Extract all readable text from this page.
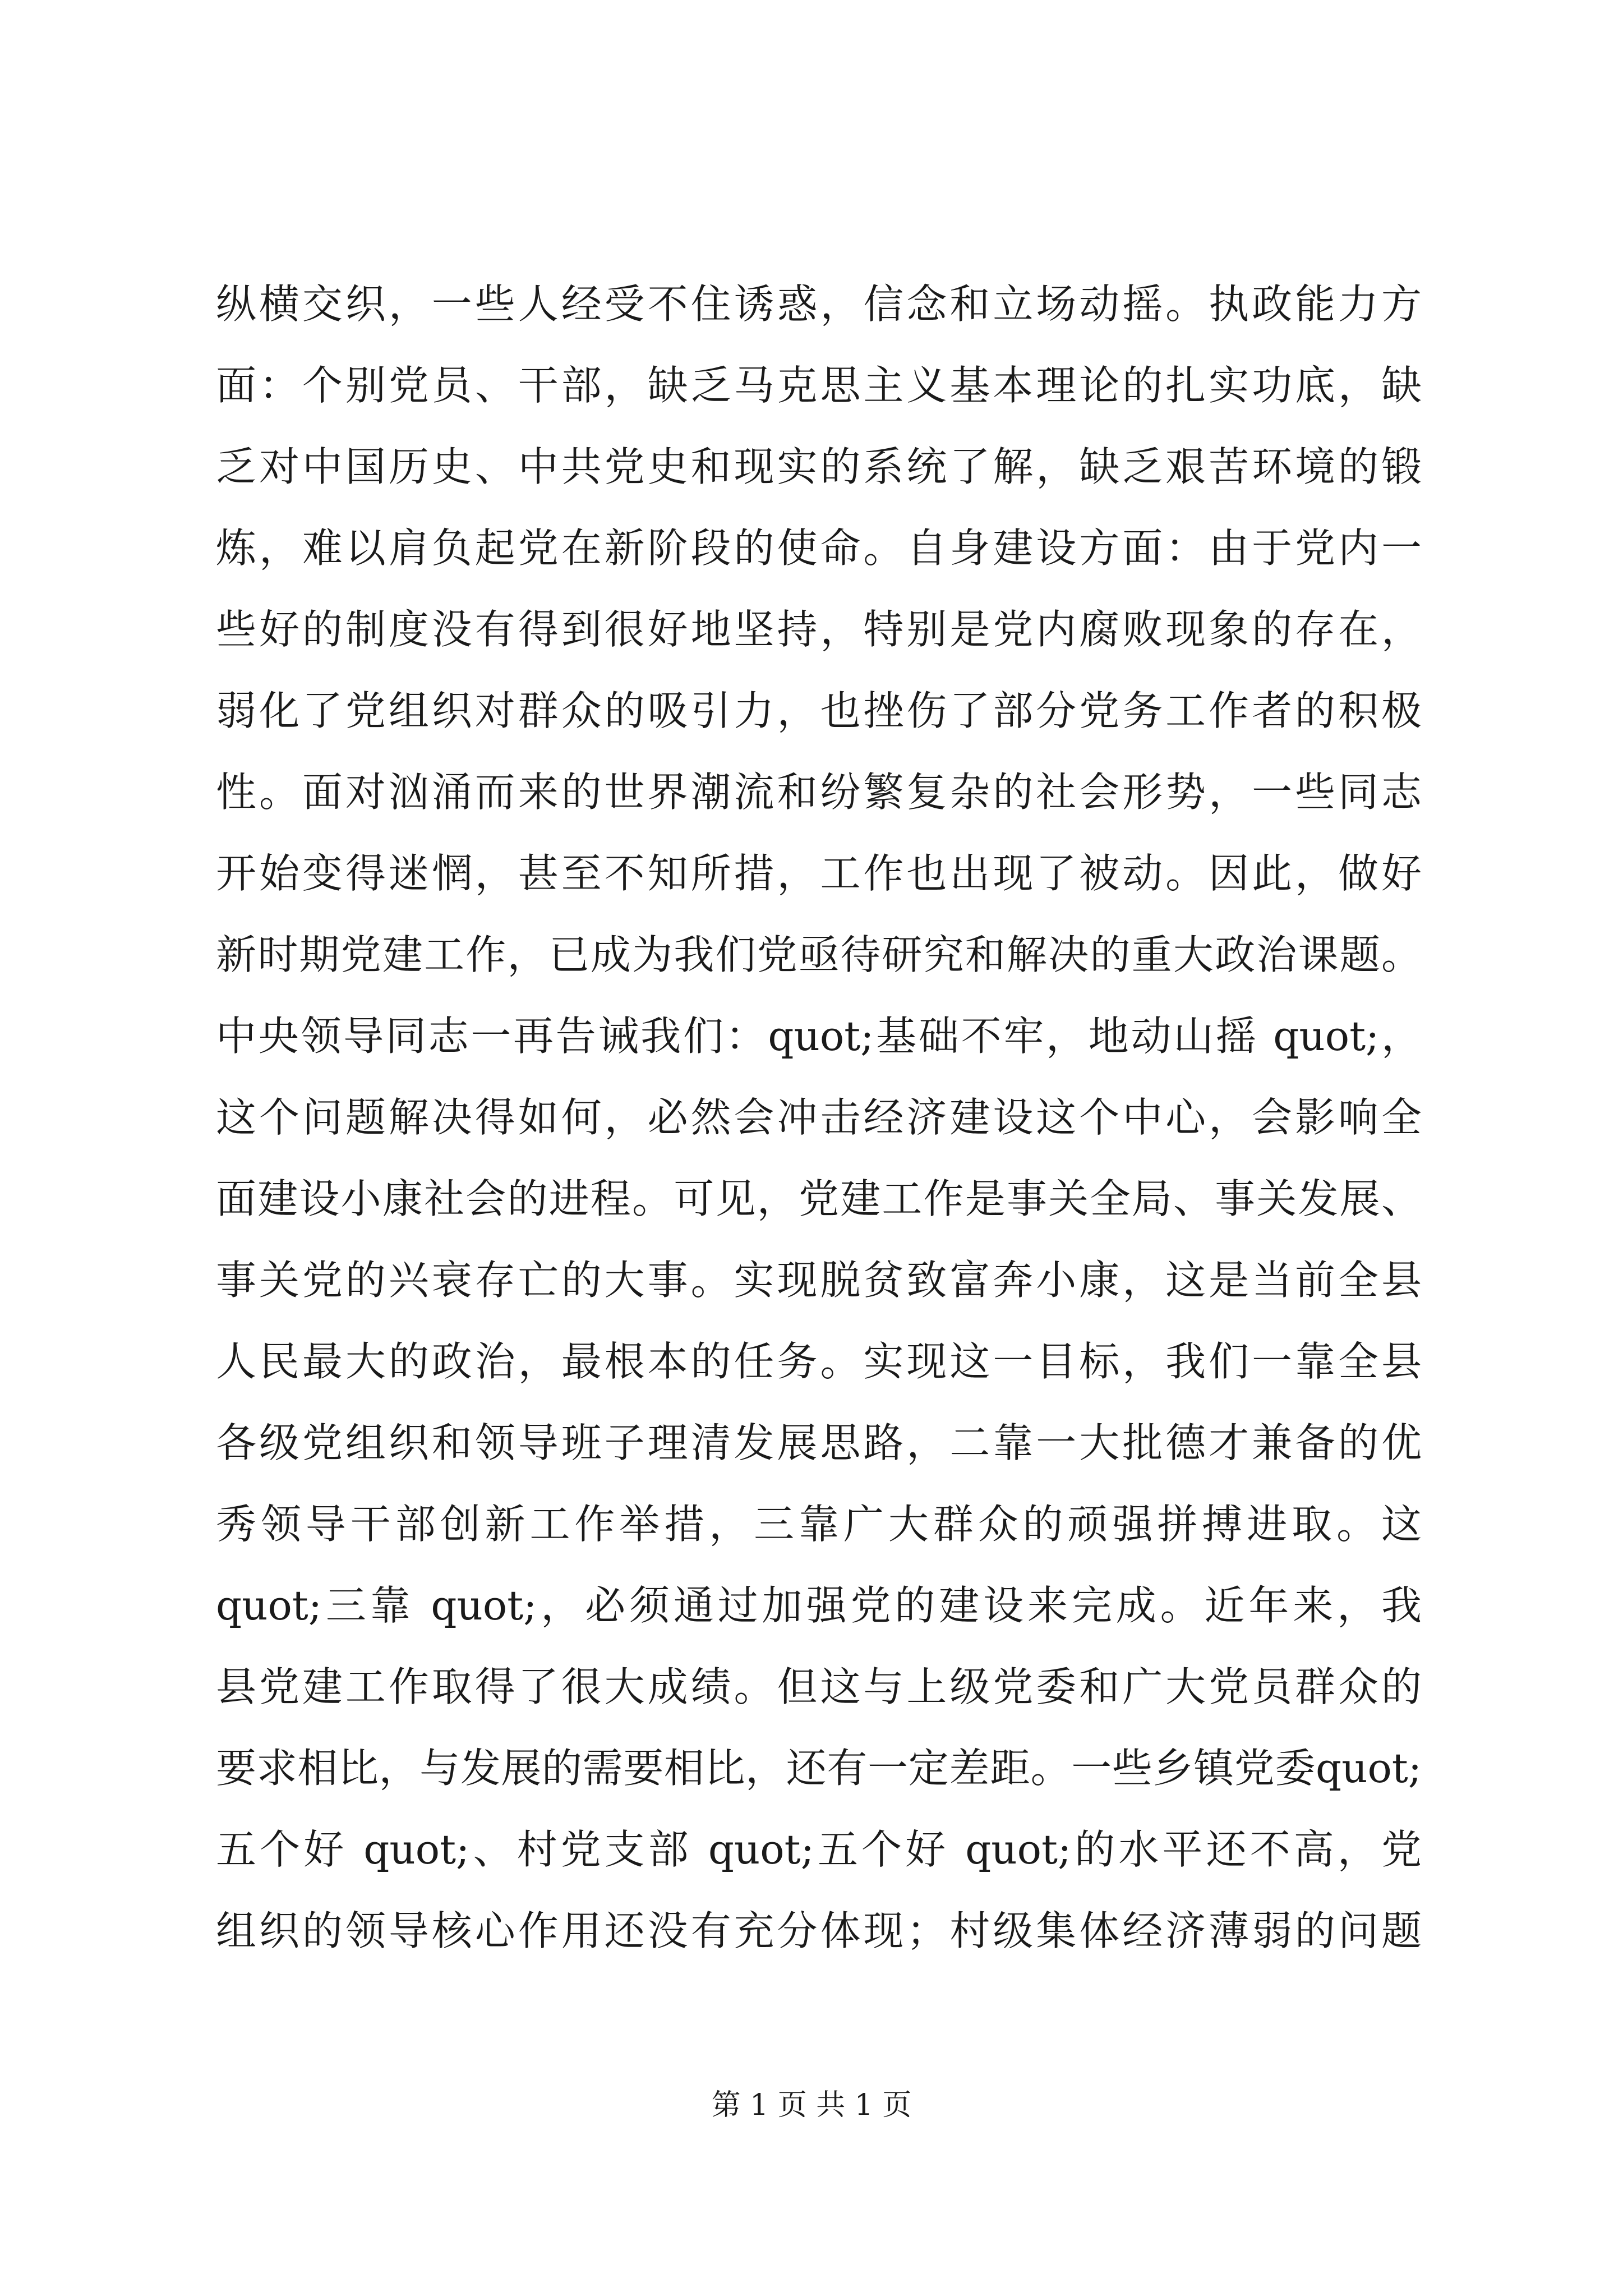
纵横交织，一些人经受不住诱惑，信念和立场动摇。执政能力方
面：个别党员、干部，缺乏马克思主义基本理论的扎实功底，缺
乏对中国历史、中共党史和现实的系统了解，缺乏艰苦环境的锻
炼，难以肩负起党在新阶段的使命。自身建设方面：由于党内一
些好的制度没有得到很好地坚持，特别是党内腐败现象的存在，
弱化了党组织对群众的吸引力，也挫伤了部分党务工作者的积极
性。面对汹涌而来的世界潮流和纷繁复杂的社会形势，一些同志
开始变得迷惘，甚至不知所措，工作也出现了被动。因此，做好
新时期党建工作，已成为我们党亟待研究和解决的重大政治课题。
中央领导同志一再告诫我们：quot;基础不牢，地动山摇 quot;，
这个问题解决得如何，必然会冲击经济建设这个中心，会影响全
面建设小康社会的进程。可见，党建工作是事关全局、事关发展、
事关党的兴衰存亡的大事。实现脱贫致富奔小康，这是当前全县
人民最大的政治，最根本的任务。实现这一目标，我们一靠全县
各级党组织和领导班子理清发展思路，二靠一大批德才兼备的优
秀领导干部创新工作举措，三靠广大群众的顽强拼搏进取。这
quot;三靠 quot;，必须通过加强党的建设来完成。近年来，我
县党建工作取得了很大成绩。但这与上级党委和广大党员群众的
要求相比，与发展的需要相比，还有一定差距。一些乡镇党委quot;
五个好 quot;、村党支部 quot;五个好 quot;的水平还不高，党
组织的领导核心作用还没有充分体现；村级集体经济薄弱的问题
第 1 页 共 1 页
